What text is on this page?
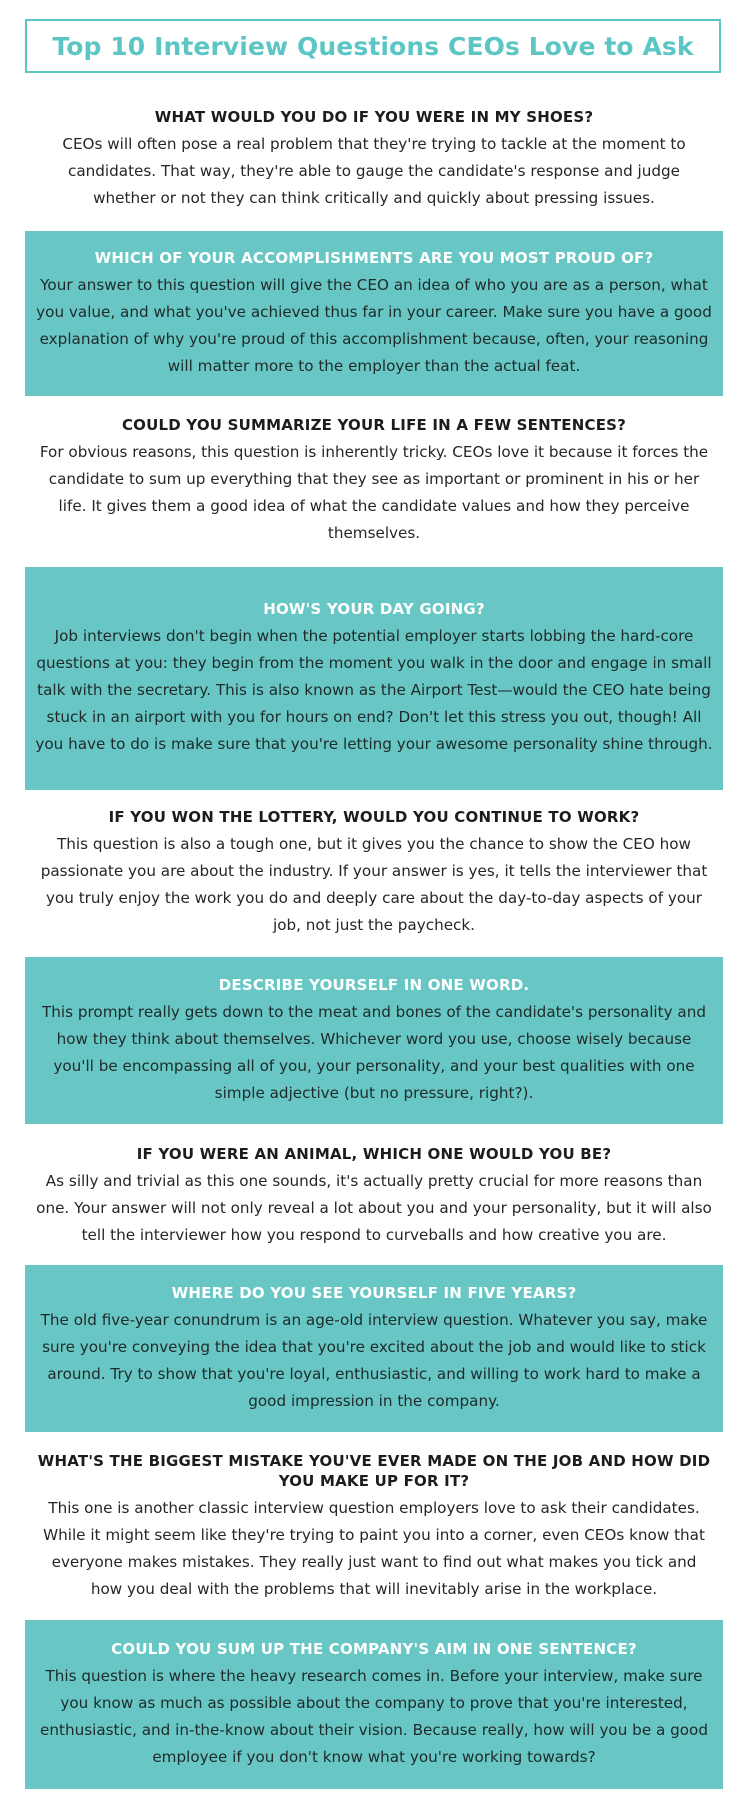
Top 10 Interview Questions CEOs Love to Ask

WHAT WOULD YOU DO IF YOU WERE IN MY SHOES?

CEOs will often pose a real problem that they're trying to tackle at the moment to candidates. That way, they're able to gauge the candidate's response and judge whether or not they can think critically and quickly about pressing issues.

WHICH OF YOUR ACCOMPLISHMENTS ARE YOU MOST PROUD OF?

Your answer to this question will give the CEO an idea of who you are as a person, what you value, and what you've achieved thus far in your career. Make sure you have a good explanation of why you're proud of this accomplishment because, often, your reasoning will matter more to the employer than the actual feat.

COULD YOU SUMMARIZE YOUR LIFE IN A FEW SENTENCES?

For obvious reasons, this question is inherently tricky. CEOs love it because it forces the candidate to sum up everything that they see as important or prominent in his or her life. It gives them a good idea of what the candidate values and how they perceive themselves.

HOW'S YOUR DAY GOING?

Job interviews don't begin when the potential employer starts lobbing the hard-core questions at you: they begin from the moment you walk in the door and engage in small talk with the secretary. This is also known as the Airport Test—would the CEO hate being stuck in an airport with you for hours on end? Don't let this stress you out, though! All you have to do is make sure that you're letting your awesome personality shine through.

IF YOU WON THE LOTTERY, WOULD YOU CONTINUE TO WORK?

This question is also a tough one, but it gives you the chance to show the CEO how passionate you are about the industry. If your answer is yes, it tells the interviewer that you truly enjoy the work you do and deeply care about the day-to-day aspects of your job, not just the paycheck.

DESCRIBE YOURSELF IN ONE WORD.

This prompt really gets down to the meat and bones of the candidate's personality and how they think about themselves. Whichever word you use, choose wisely because you'll be encompassing all of you, your personality, and your best qualities with one simple adjective (but no pressure, right?).

IF YOU WERE AN ANIMAL, WHICH ONE WOULD YOU BE?

As silly and trivial as this one sounds, it's actually pretty crucial for more reasons than one. Your answer will not only reveal a lot about you and your personality, but it will also tell the interviewer how you respond to curveballs and how creative you are.

WHERE DO YOU SEE YOURSELF IN FIVE YEARS?

The old five-year conundrum is an age-old interview question. Whatever you say, make sure you're conveying the idea that you're excited about the job and would like to stick around. Try to show that you're loyal, enthusiastic, and willing to work hard to make a good impression in the company.

WHAT'S THE BIGGEST MISTAKE YOU'VE EVER MADE ON THE JOB AND HOW DID YOU MAKE UP FOR IT?

This one is another classic interview question employers love to ask their candidates. While it might seem like they're trying to paint you into a corner, even CEOs know that everyone makes mistakes. They really just want to find out what makes you tick and how you deal with the problems that will inevitably arise in the workplace.

COULD YOU SUM UP THE COMPANY'S AIM IN ONE SENTENCE?

This question is where the heavy research comes in. Before your interview, make sure you know as much as possible about the company to prove that you're interested, enthusiastic, and in-the-know about their vision. Because really, how will you be a good employee if you don't know what you're working towards?
